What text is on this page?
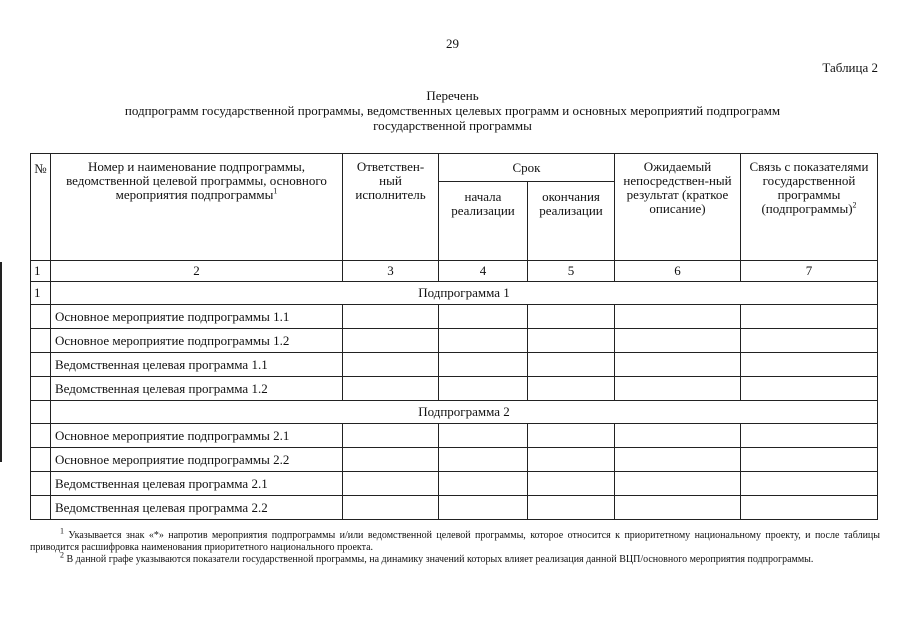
29
Таблица 2
Перечень
подпрограмм государственной программы, ведомственных целевых программ и основных мероприятий подпрограмм
государственной программы
№	Номер и наименование подпрограммы, ведомственной целевой программы, основного мероприятия подпрограммы$^1$	Ответствен-ный исполнитель	Срок		Ожидаемый непосредствен-ный результат (краткое описание)	Связь с показателями государственной программы (подпрограммы)$^2$
			начала реализации	окончания реализации		
1	2	3	4	5	6	7
1	Подпрограмма 1					
	Основное мероприятие подпрограммы 1.1					
	Основное мероприятие подпрограммы 1.2					
	Ведомственная целевая программа 1.1					
	Ведомственная целевая программа 1.2					
	Подпрограмма 2					
	Основное мероприятие подпрограммы 2.1					
	Основное мероприятие подпрограммы 2.2					
	Ведомственная целевая программа 2.1					
	Ведомственная целевая программа 2.2					
$^1$ Указывается знак «*» напротив мероприятия подпрограммы и/или ведомственной целевой программы, которое относится к приоритетному национальному проекту, и после таблицы приводится расшифровка наименования приоритетного национального проекта.
$^2$ В данной графе указываются показатели государственной программы, на динамику значений которых влияет реализация данной ВЦП/основного мероприятия подпрограммы.
